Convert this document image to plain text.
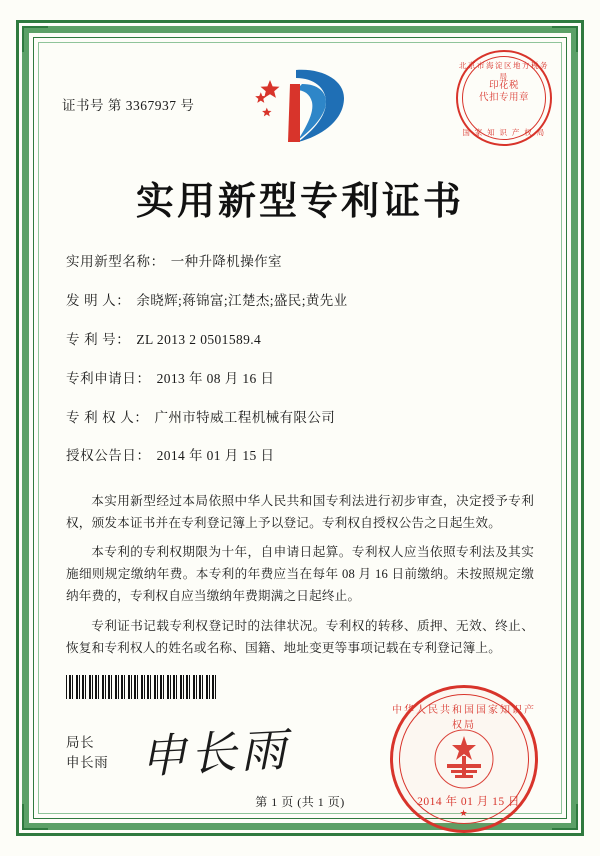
证书号 第 3367937 号
北京市海淀区地方税务局
印花税
代扣专用章
国 家 知 识 产 权 局
实用新型专利证书
实用新型名称： 一种升降机操作室
发 明 人： 余晓辉;蒋锦富;江楚杰;盛民;黄先业
专 利 号： ZL 2013 2 0501589.4
专利申请日： 2013 年 08 月 16 日
专 利 权 人： 广州市特威工程机械有限公司
授权公告日： 2014 年 01 月 15 日

本实用新型经过本局依照中华人民共和国专利法进行初步审查，决定授予专利权，颁发本证书并在专利登记簿上予以登记。专利权自授权公告之日起生效。

本专利的专利权期限为十年，自申请日起算。专利权人应当依照专利法及其实施细则规定缴纳年费。本专利的年费应当在每年 08 月 16 日前缴纳。未按照规定缴纳年费的，专利权自应当缴纳年费期满之日起终止。

专利证书记载专利权登记时的法律状况。专利权的转移、质押、无效、终止、恢复和专利权人的姓名或名称、国籍、地址变更等事项记载在专利登记簿上。

局长
申长雨 申长雨
中华人民共和国国家知识产权局
★
2014 年 01 月 15 日
第 1 页 (共 1 页)
